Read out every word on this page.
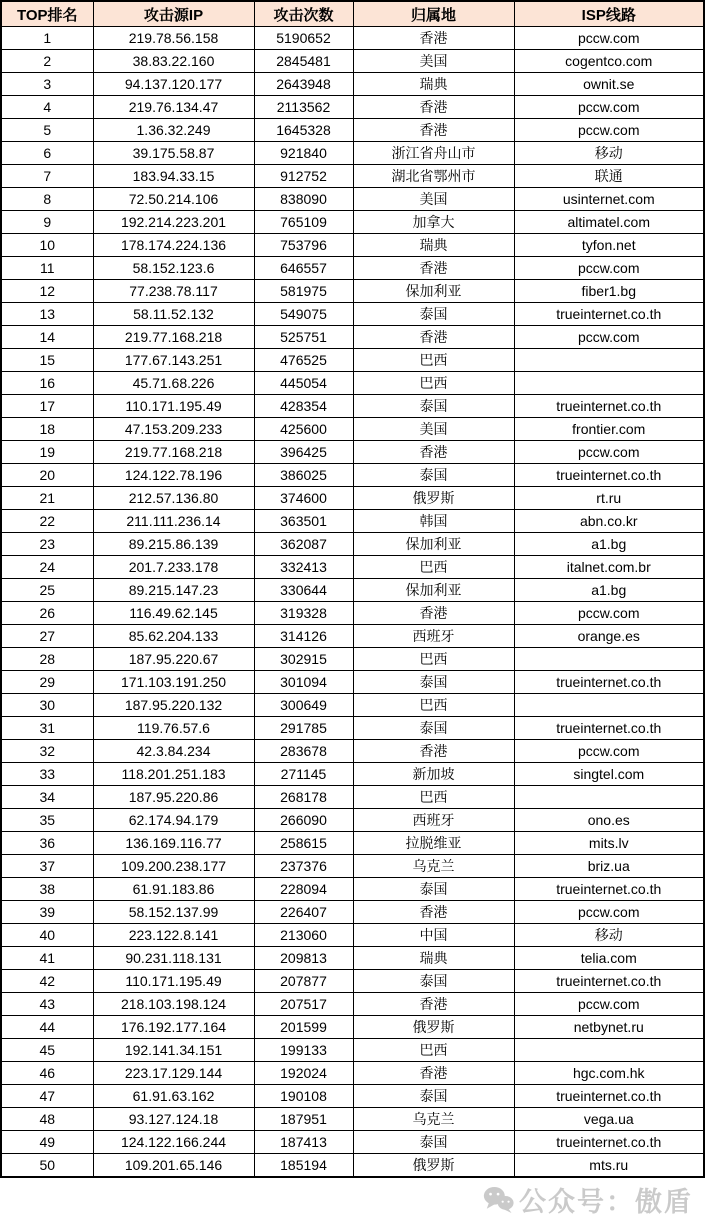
TOP排名	攻击源IP	攻击次数	归属地	ISP线路
1	219.78.56.158	5190652	香港	pccw.com
2	38.83.22.160	2845481	美国	cogentco.com
3	94.137.120.177	2643948	瑞典	ownit.se
4	219.76.134.47	2113562	香港	pccw.com
5	1.36.32.249	1645328	香港	pccw.com
6	39.175.58.87	921840	浙江省舟山市	移动
7	183.94.33.15	912752	湖北省鄂州市	联通
8	72.50.214.106	838090	美国	usinternet.com
9	192.214.223.201	765109	加拿大	altimatel.com
10	178.174.224.136	753796	瑞典	tyfon.net
11	58.152.123.6	646557	香港	pccw.com
12	77.238.78.117	581975	保加利亚	fiber1.bg
13	58.11.52.132	549075	泰国	trueinternet.co.th
14	219.77.168.218	525751	香港	pccw.com
15	177.67.143.251	476525	巴西	
16	45.71.68.226	445054	巴西	
17	110.171.195.49	428354	泰国	trueinternet.co.th
18	47.153.209.233	425600	美国	frontier.com
19	219.77.168.218	396425	香港	pccw.com
20	124.122.78.196	386025	泰国	trueinternet.co.th
21	212.57.136.80	374600	俄罗斯	rt.ru
22	211.111.236.14	363501	韩国	abn.co.kr
23	89.215.86.139	362087	保加利亚	a1.bg
24	201.7.233.178	332413	巴西	italnet.com.br
25	89.215.147.23	330644	保加利亚	a1.bg
26	116.49.62.145	319328	香港	pccw.com
27	85.62.204.133	314126	西班牙	orange.es
28	187.95.220.67	302915	巴西	
29	171.103.191.250	301094	泰国	trueinternet.co.th
30	187.95.220.132	300649	巴西	
31	119.76.57.6	291785	泰国	trueinternet.co.th
32	42.3.84.234	283678	香港	pccw.com
33	118.201.251.183	271145	新加坡	singtel.com
34	187.95.220.86	268178	巴西	
35	62.174.94.179	266090	西班牙	ono.es
36	136.169.116.77	258615	拉脱维亚	mits.lv
37	109.200.238.177	237376	乌克兰	briz.ua
38	61.91.183.86	228094	泰国	trueinternet.co.th
39	58.152.137.99	226407	香港	pccw.com
40	223.122.8.141	213060	中国	移动
41	90.231.118.131	209813	瑞典	telia.com
42	110.171.195.49	207877	泰国	trueinternet.co.th
43	218.103.198.124	207517	香港	pccw.com
44	176.192.177.164	201599	俄罗斯	netbynet.ru
45	192.141.34.151	199133	巴西	
46	223.17.129.144	192024	香港	hgc.com.hk
47	61.91.63.162	190108	泰国	trueinternet.co.th
48	93.127.124.18	187951	乌克兰	vega.ua
49	124.122.166.244	187413	泰国	trueinternet.co.th
50	109.201.65.146	185194	俄罗斯	mts.ru
公众号：傲盾
